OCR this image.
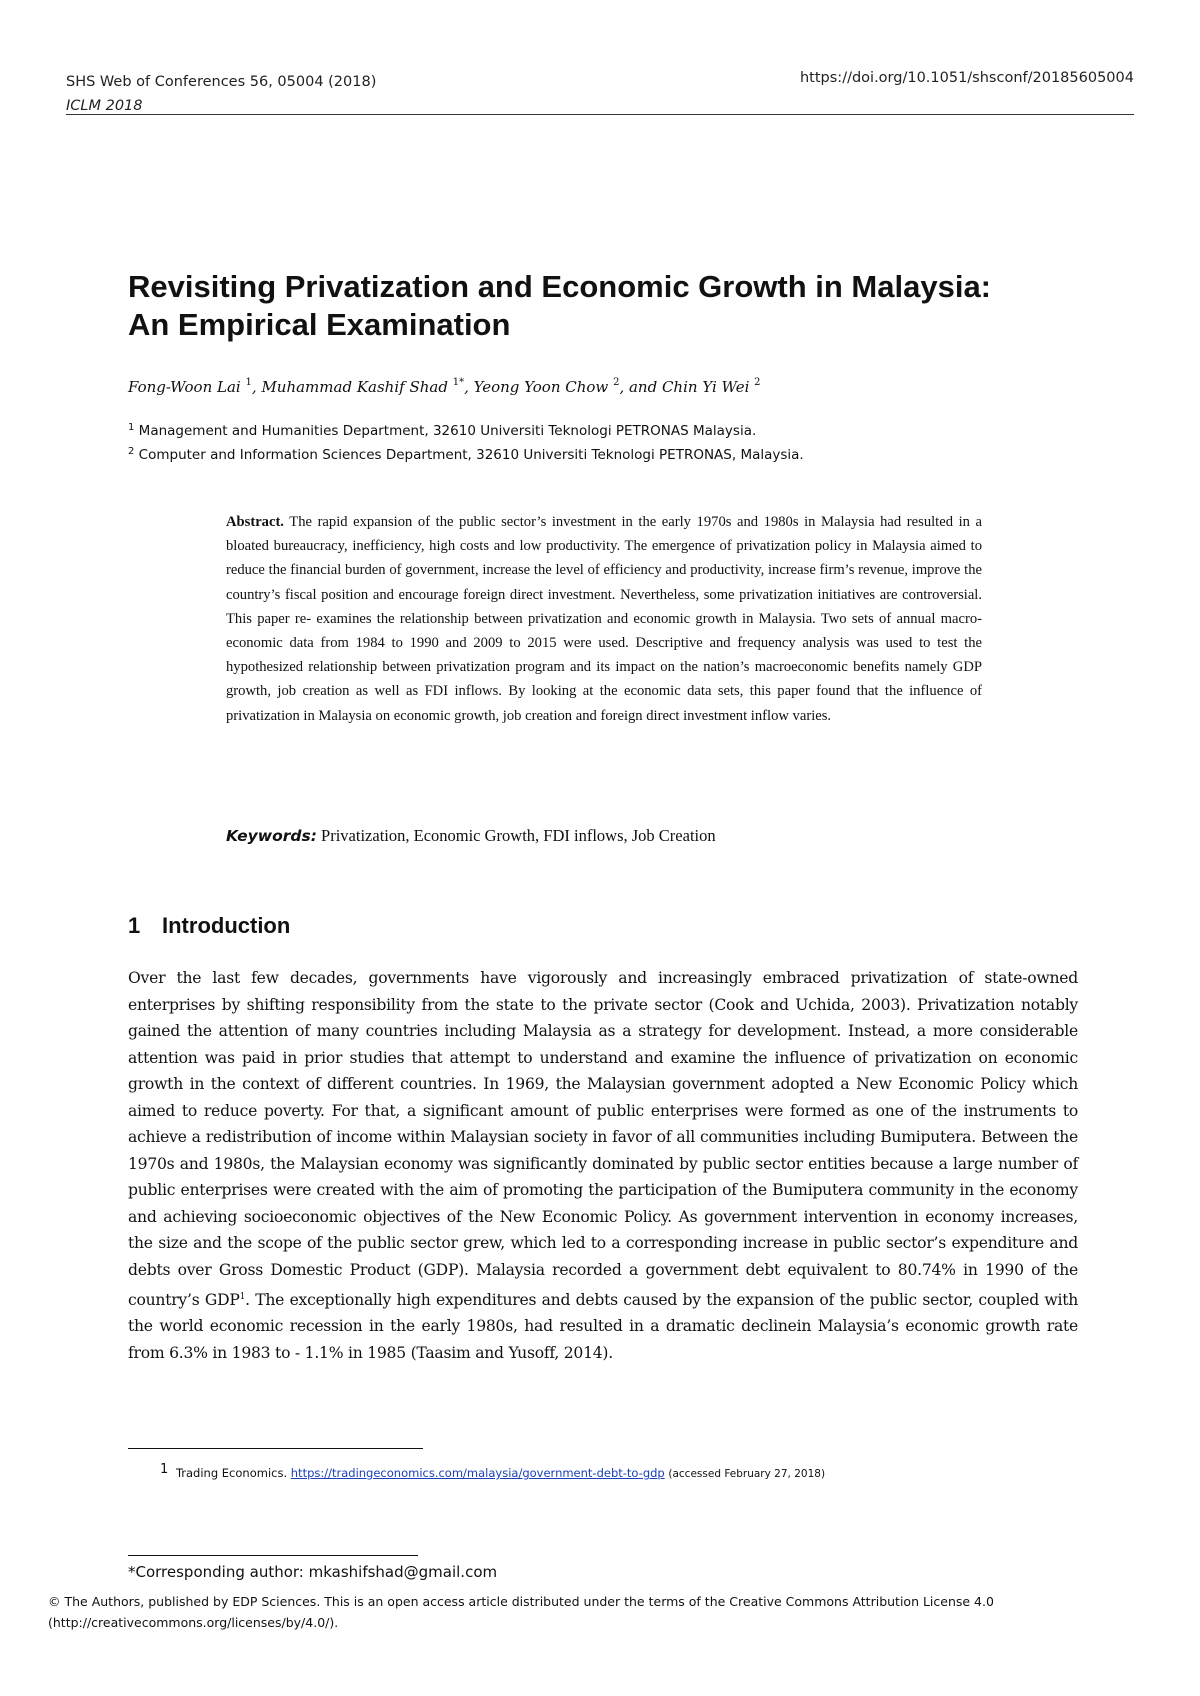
SHS Web of Conferences 56, 05004 (2018)
ICLM 2018
https://doi.org/10.1051/shsconf/20185605004
Revisiting Privatization and Economic Growth in Malaysia:
An Empirical Examination
Fong-Woon Lai $^1$, Muhammad Kashif Shad $^{1*}$, Yeong Yoon Chow $^2$, and Chin Yi Wei $^2$
$^1$ Management and Humanities Department, 32610 Universiti Teknologi PETRONAS Malaysia.
$^2$ Computer and Information Sciences Department, 32610 Universiti Teknologi PETRONAS, Malaysia.

Abstract. The rapid expansion of the public sector’s investment in the early 1970s and 1980s in Malaysia had resulted in a bloated bureaucracy, inefficiency, high costs and low productivity. The emergence of privatization policy in Malaysia aimed to reduce the financial burden of government, increase the level of efficiency and productivity, increase firm’s revenue, improve the country’s fiscal position and encourage foreign direct investment. Nevertheless, some privatization initiatives are controversial. This paper re- examines the relationship between privatization and economic growth in Malaysia. Two sets of annual macro- economic data from 1984 to 1990 and 2009 to 2015 were used. Descriptive and frequency analysis was used to test the hypothesized relationship between privatization program and its impact on the nation’s macroeconomic benefits namely GDP growth, job creation as well as FDI inflows. By looking at the economic data sets, this paper found that the influence of privatization in Malaysia on economic growth, job creation and foreign direct investment inflow varies.

Keywords: Privatization, Economic Growth, FDI inflows, Job Creation
1 Introduction

Over the last few decades, governments have vigorously and increasingly embraced privatization of state-owned enterprises by shifting responsibility from the state to the private sector (Cook and Uchida, 2003). Privatization notably gained the attention of many countries including Malaysia as a strategy for development. Instead, a more considerable attention was paid in prior studies that attempt to understand and examine the influence of privatization on economic growth in the context of different countries. In 1969, the Malaysian government adopted a New Economic Policy which aimed to reduce poverty. For that, a significant amount of public enterprises were formed as one of the instruments to achieve a redistribution of income within Malaysian society in favor of all communities including Bumiputera. Between the 1970s and 1980s, the Malaysian economy was significantly dominated by public sector entities because a large number of public enterprises were created with the aim of promoting the participation of the Bumiputera community in the economy and achieving socioeconomic objectives of the New Economic Policy. As government intervention in economy increases, the size and the scope of the public sector grew, which led to a corresponding increase in public sector’s expenditure and debts over Gross Domestic Product (GDP). Malaysia recorded a government debt equivalent to 80.74% in 1990 of the country’s GDP$^1$. The exceptionally high expenditures and debts caused by the expansion of the public sector, coupled with the world economic recession in the early 1980s, had resulted in a dramatic declinein Malaysia’s economic growth rate from 6.3% in 1983 to - 1.1% in 1985 (Taasim and Yusoff, 2014).

$^1$ Trading Economics. https://tradingeconomics.com/malaysia/government-debt-to-gdp (accessed February 27, 2018)
*Corresponding author: mkashifshad@gmail.com
© The Authors, published by EDP Sciences. This is an open access article distributed under the terms of the Creative Commons Attribution License 4.0
(http://creativecommons.org/licenses/by/4.0/).
